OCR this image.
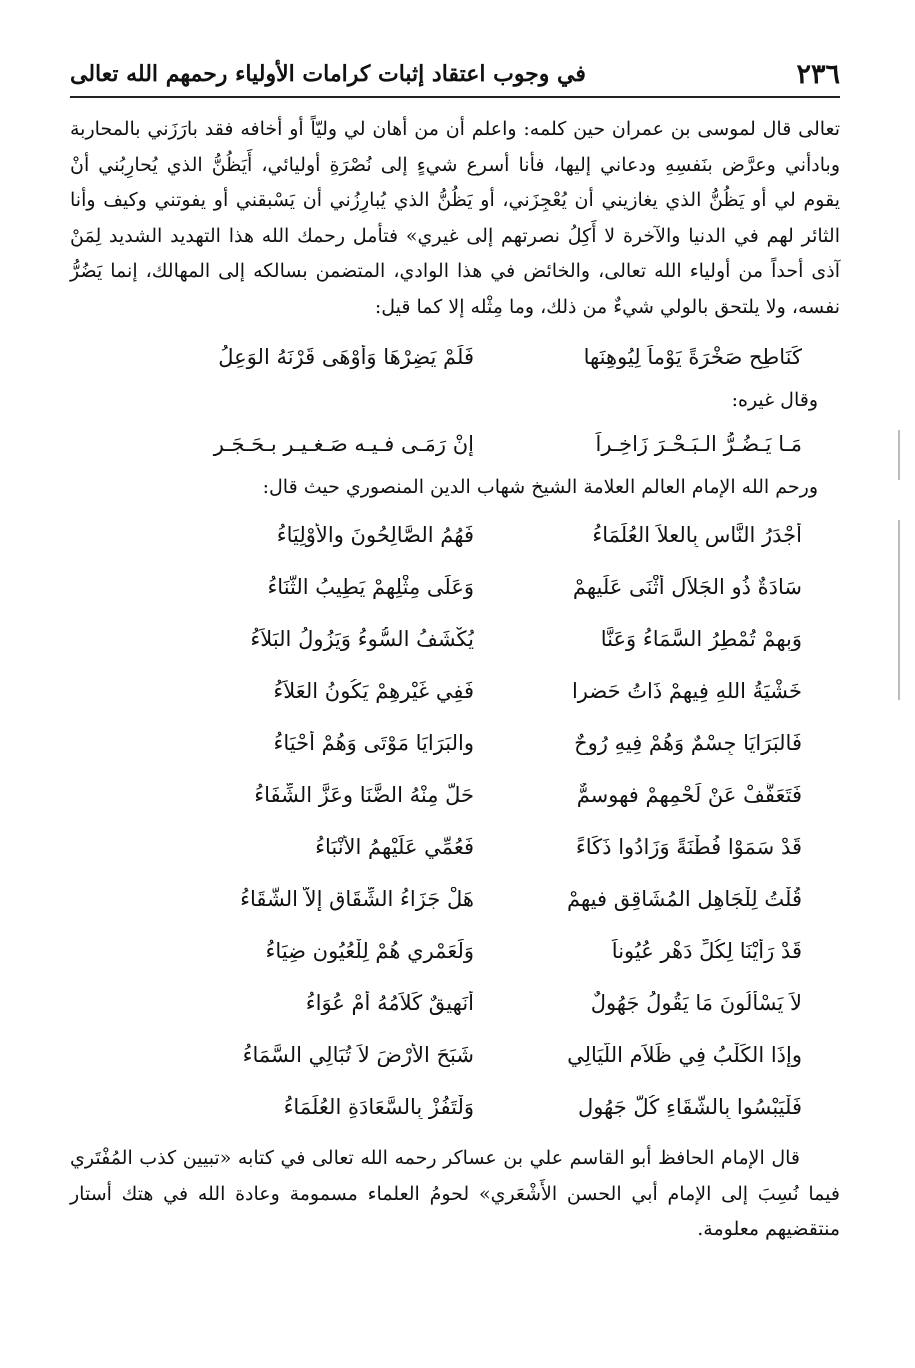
٢٣٦
في وجوب اعتقاد إثبات كرامات الأولياء رحمهم الله تعالى

تعالى قال لموسى بن عمران حين كلمه: واعلم أن من أهان لي وليّاً أو أخافه فقد بارَزَني بالمحاربة وبادأني وعرَّض بنَفسِهِ ودعاني إليها، فأنا أسرع شيءٍ إلى نُصْرَةِ أوليائي، أَيَظُنُّ الذي يُحارِبُني أنْ يقوم لي أو يَظُنُّ الذي يغازيني أن يُعْجِزَني، أو يَظُنُّ الذي يُبارِزُني أن يَسْبقني أو يفوتني وكيف وأنا الثائر لهم في الدنيا والآخرة لا أَكِلُ نصرتهم إلى غيري» فتأمل رحمك الله هذا التهديد الشديد لِمَنْ آذى أحداً من أولياء الله تعالى، والخائض في هذا الوادي، المتضمن بسالكه إلى المهالك، إنما يَضُرُّ نفسه، ولا يلتحق بالولي شيءٌ من ذلك، وما مِثْله إلا كما قيل:

كَنَاطِحٍ صَخْرَةً يَوْماً لِيُوهِنَها
فَلَمْ يَضِرْهَا وَأَوْهَى قَرْنَهُ الوَعِلُ

وقال غيره:

مَـا يَـضُـرُّ الـبَـحْـرَ زَاخِـراً
إِنْ رَمَـى فـيـه صَـغـيـر بـحَـجَـر

ورحم الله الإمام العالم العلامة الشيخ شهاب الدين المنصوري حيث قال:

أَجْدَرُ النَّاسِ بِالعلاَ العُلَمَاءُ
فَهُمُ الصَّالِحُونَ والأَوْلِيَاءُ
سَادَةٌ ذُو الجَلاَلِ أَثْنَى عَلَيهِمْ
وَعَلَى مِثْلِهِمْ يَطِيبُ الثَّنَاءُ
وَبِهِمْ تُمْطِرُ السَّمَاءُ وَعَنَّا
يُكْشَفُ السُّوءُ وَيَزُولُ البَلاَءُ
خَشْيَةُ اللهِ فِيهِمْ ذَاتُ حَضرا
فَفِي غَيْرِهِمْ يَكُونُ العَلاَءُ
فَالبَرَايَا جِسْمٌ وَهُمْ فِيهِ رُوحٌ
والبَرَايَا مَوْتَى وَهُمْ أَحْيَاءُ
فَتَعَفَّفْ عَنْ لَحْمِهِمْ فهوسمٌّ
حَلَّ مِنْهُ الضَّنَا وعَزَّ الشِّفَاءُ
قَدْ سَمَوْا فُطْنَةً وَزَادُوا ذَكَاءً
فَعُمِّي عَلَيْهِمُ الأَنْبَاءُ
قُلْتُ لِلْجَاهِلِ المُشَاقِقِ فيهمْ
هَلْ جَزَاءُ الشِّقَاقِ إلاَّ الشَّقَاءُ
قَدْ رَأَيْنَا لِكُلِّ دَهْرٍ عُيُوناً
وَلَعَمْرِي هُمْ لِلْعُيُونِ ضِيَاءُ
لاَ يَسْأَلُونَ مَا يَقُولُ جَهُولٌ
أَنَهِيقٌ كَلاَمُهُ أَمْ عُوَاءُ
وإِذَا الكَلْبُ فِي ظَلاَمِ اللَّيَالِي
شَبَحَ الأَرْضَ لاَ تُبَالِي السَّمَاءُ
فَلْيَبْسُوا بِالشَّقَاءِ كُلُّ جَهُولٍ
وَلْتَفُزْ بِالسَّعَادَةِ العُلَمَاءُ

قال الإمام الحافظ أبو القاسم علي بن عساكر رحمه الله تعالى في كتابه «تبيين كذب المُفْتَري فيما نُسِبَ إلى الإمام أبي الحسن الأَشْعَري» لحومُ العلماء مسمومة وعادة الله في هتك أستار منتقضيهم معلومة.
